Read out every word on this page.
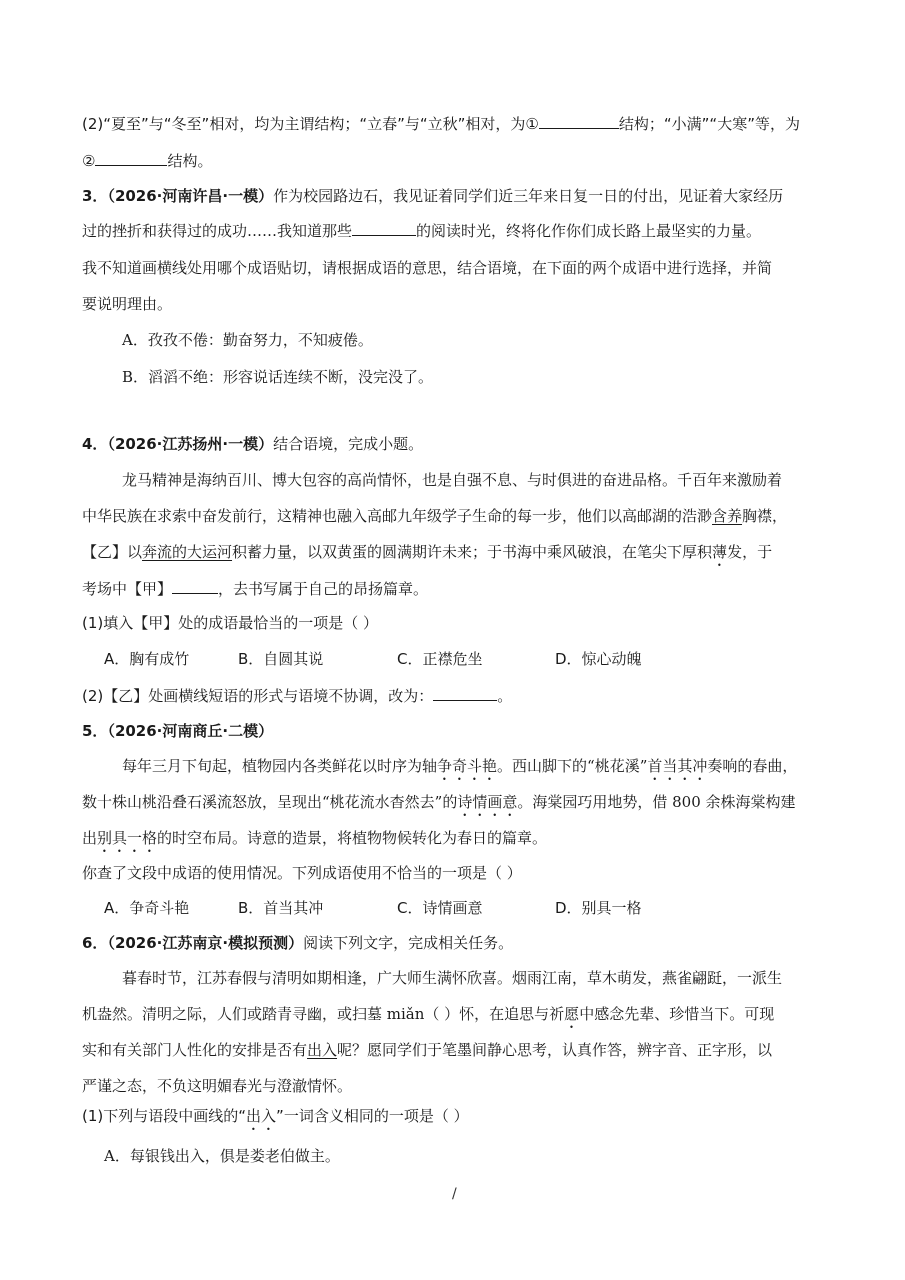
(2)“夏至”与“冬至”相对，均为主谓结构；“立春”与“立秋”相对，为①	结构；“小满”“大寒”等，为
②	结构。
3．（2026·河南许昌·一模）作为校园路边石，我见证着同学们近三年来日复一日的付出，见证着大家经历
过的挫折和获得过的成功……我知道那些	的阅读时光，终将化作你们成长路上最坚实的力量。
我不知道画横线处用哪个成语贴切，请根据成语的意思，结合语境，在下面的两个成语中进行选择，并简
要说明理由。
A．孜孜不倦：勤奋努力，不知疲倦。
B．滔滔不绝：形容说话连续不断，没完没了。
4．（2026·江苏扬州·一模）结合语境，完成小题。
龙马精神是海纳百川、博大包容的高尚情怀，也是自强不息、与时俱进的奋进品格。千百年来激励着
中华民族在求索中奋发前行，这精神也融入高邮九年级学子生命的每一步，他们以高邮湖的浩渺含养胸襟，
【乙】以奔流的大运河积蓄力量，以双黄蛋的圆满期许未来；于书海中乘风破浪，在笔尖下厚积薄发，于
考场中【甲】	，去书写属于自己的昂扬篇章。
(1)填入【甲】处的成语最恰当的一项是（ ）
A．胸有成竹	B．自圆其说	C．正襟危坐	D．惊心动魄
(2)【乙】处画横线短语的形式与语境不协调，改为：	。
5．（2026·河南商丘·二模）
每年三月下旬起，植物园内各类鲜花以时序为轴争奇斗艳。西山脚下的“桃花溪”首当其冲奏响的春曲，
数十株山桃沿叠石溪流怒放，呈现出“桃花流水杳然去”的诗情画意。海棠园巧用地势，借 800 余株海棠构建
出别具一格的时空布局。诗意的造景，将植物物候转化为春日的篇章。
你查了文段中成语的使用情况。下列成语使用不恰当的一项是（ ）
A．争奇斗艳	B．首当其冲	C．诗情画意	D．别具一格
6．（2026·江苏南京·模拟预测）阅读下列文字，完成相关任务。
暮春时节，江苏春假与清明如期相逢，广大师生满怀欣喜。烟雨江南，草木萌发，燕雀翩跹，一派生
机盎然。清明之际，人们或踏青寻幽，或扫墓 miǎn（ ）怀，在追思与祈愿中感念先辈、珍惜当下。可现
实和有关部门人性化的安排是否有出入呢？愿同学们于笔墨间静心思考，认真作答，辨字音、正字形，以
严谨之态，不负这明媚春光与澄澈情怀。
(1)下列与语段中画线的“出入”一词含义相同的一项是（ ）
A．每银钱出入，俱是娄老伯做主。
/
